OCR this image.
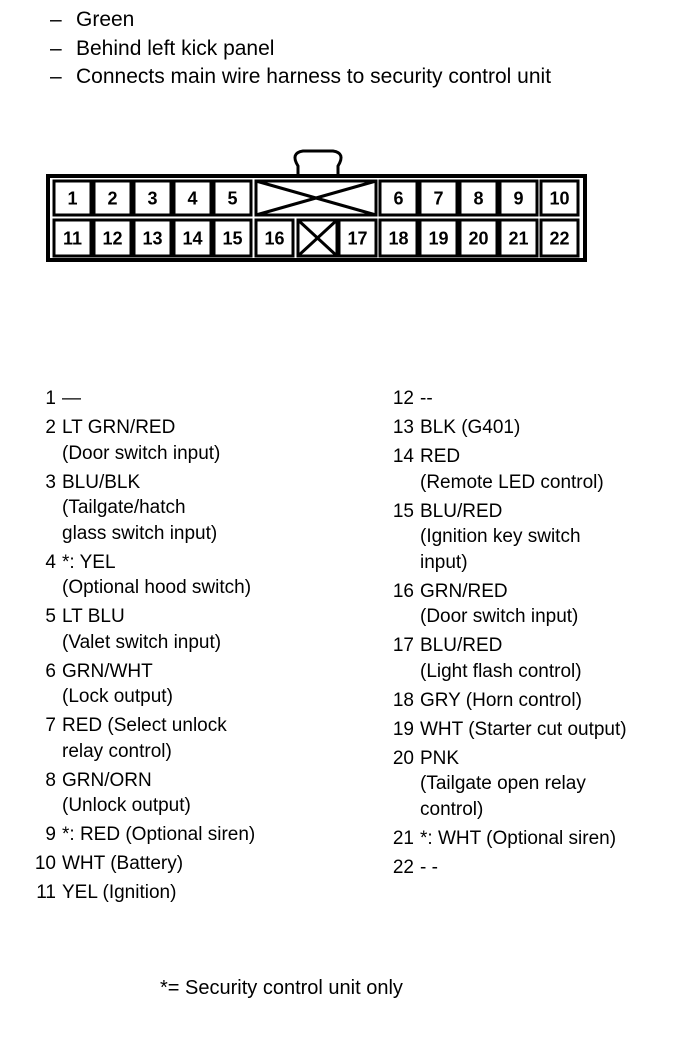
– Green
– Behind left kick panel
– Connects main wire harness to security control unit
1 2 3 4 5	6 7 8 9 10
11 12 13 14 15 16	17 18 19 20 21 22
1 —
2 LT GRN/RED
(Door switch input)
3 BLU/BLK
(Tailgate/hatch
glass switch input)
4 *: YEL
(Optional hood switch)
5 LT BLU
(Valet switch input)
6 GRN/WHT
(Lock output)
7 RED (Select unlock
relay control)
8 GRN/ORN
(Unlock output)
9 *: RED (Optional siren)
10 WHT (Battery)
11 YEL (Ignition)
12 --
13 BLK (G401)
14 RED
(Remote LED control)
15 BLU/RED
(Ignition key switch
input)
16 GRN/RED
(Door switch input)
17 BLU/RED
(Light flash control)
18 GRY (Horn control)
19 WHT (Starter cut output)
20 PNK
(Tailgate open relay
control)
21 *: WHT (Optional siren)
22 - -
*= Security control unit only
